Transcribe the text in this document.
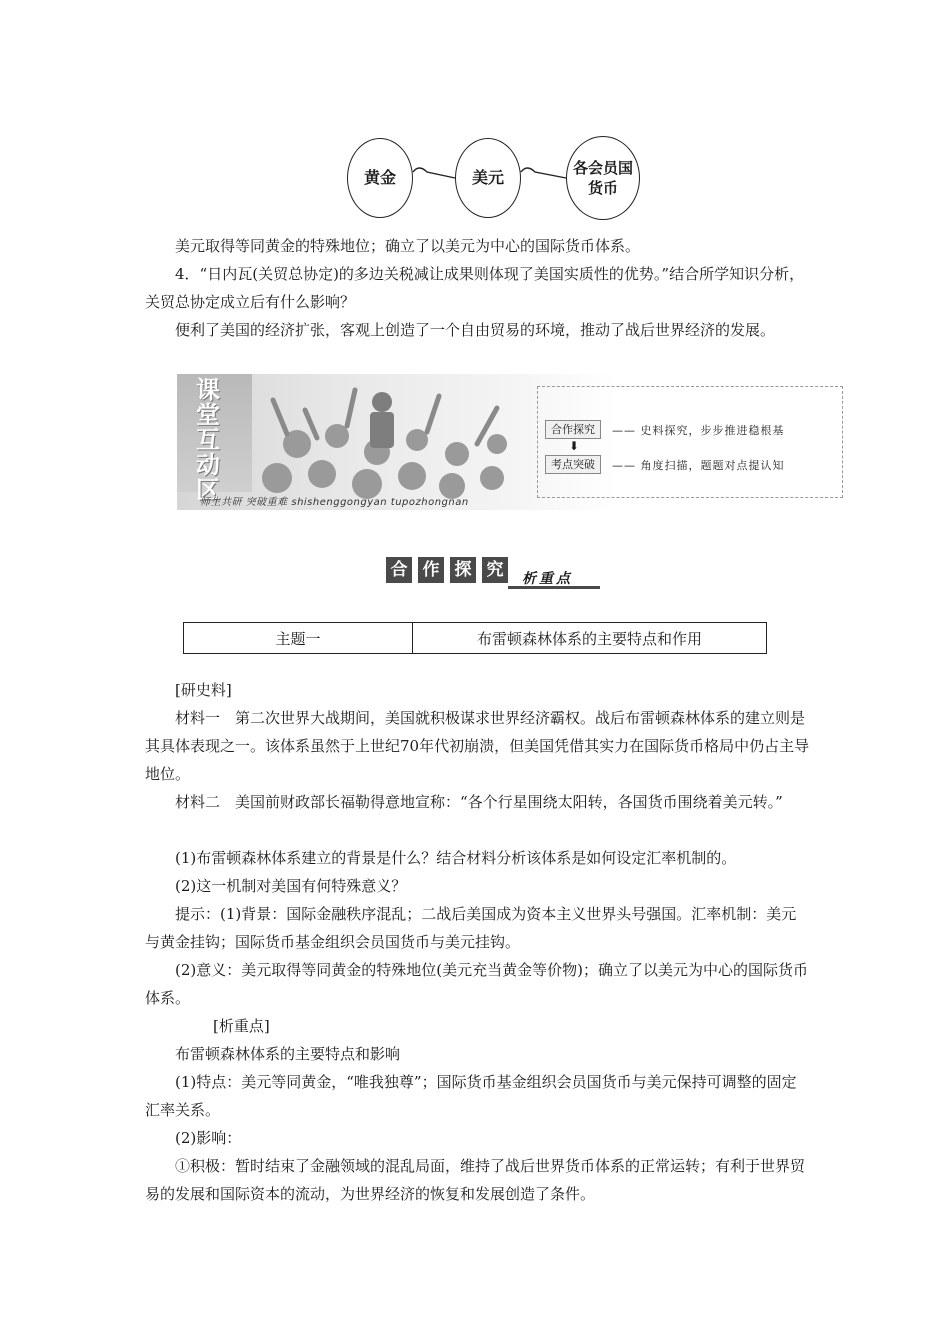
黄金	美元	各会员国货币

美元取得等同黄金的特殊地位；确立了以美元为中心的国际货币体系。

4．“日内瓦(关贸总协定)的多边关税减让成果则体现了美国实质性的优势。”结合所学知识分析，关贸总协定成立后有什么影响？

便利了美国的经济扩张，客观上创造了一个自由贸易的环境，推动了战后世界经济的发展。

课堂互动区
师生共研 突破重难 shishenggongyan tupozhongnan
合作探究	—— 史料探究，步步推进稳根基
⬇
考点突破	—— 角度扫描，题题对点提认知
合 作 探 究	析重点
主题一	布雷顿森林体系的主要特点和作用

[研史料]

材料一　第二次世界大战期间，美国就积极谋求世界经济霸权。战后布雷顿森林体系的建立则是其具体表现之一。该体系虽然于上世纪70年代初崩溃，但美国凭借其实力在国际货币格局中仍占主导地位。

材料二　美国前财政部长福勒得意地宣称：“各个行星围绕太阳转，各国货币围绕着美元转。”

(1)布雷顿森林体系建立的背景是什么？结合材料分析该体系是如何设定汇率机制的。

(2)这一机制对美国有何特殊意义？

提示：(1)背景：国际金融秩序混乱；二战后美国成为资本主义世界头号强国。汇率机制：美元与黄金挂钩；国际货币基金组织会员国货币与美元挂钩。

(2)意义：美元取得等同黄金的特殊地位(美元充当黄金等价物)；确立了以美元为中心的国际货币体系。

[析重点]

布雷顿森林体系的主要特点和影响

(1)特点：美元等同黄金，“唯我独尊”；国际货币基金组织会员国货币与美元保持可调整的固定汇率关系。

(2)影响：

①积极：暂时结束了金融领域的混乱局面，维持了战后世界货币体系的正常运转；有利于世界贸易的发展和国际资本的流动，为世界经济的恢复和发展创造了条件。
